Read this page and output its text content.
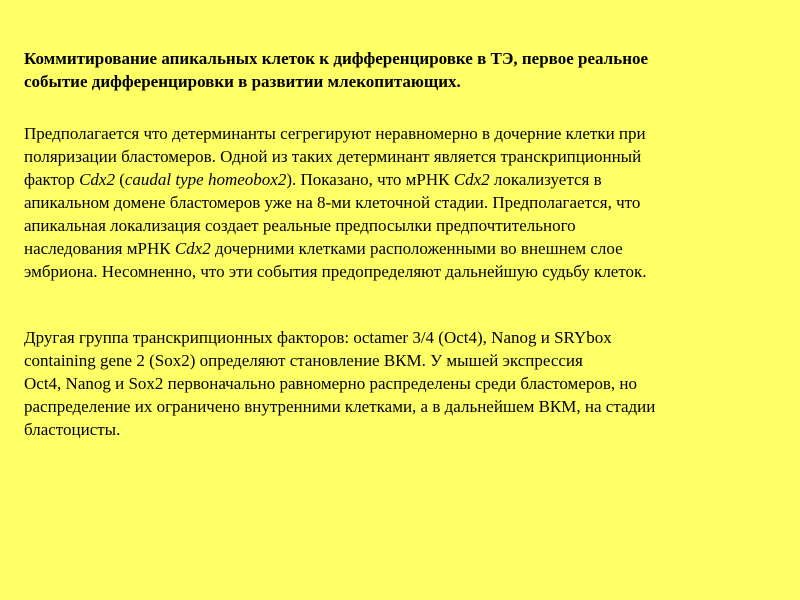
Коммитирование апикальных клеток к дифференцировке в ТЭ, первое реальное
событие дифференцировки в развитии млекопитающих.
Предполагается что детерминанты сегрегируют неравномерно в дочерние клетки при
поляризации бластомеров. Одной из таких детерминант является транскрипционный
фактор Cdx2 (caudal type homeobox2). Показано, что мРНК Cdx2 локализуется в
апикальном домене бластомеров уже на 8-ми клеточной стадии. Предполагается, что
апикальная локализация создает реальные предпосылки предпочтительного
наследования мРНК Cdx2 дочерними клетками расположенными во внешнем слое
эмбриона. Несомненно, что эти события предопределяют дальнейшую судьбу клеток.
Другая группа транскрипционных факторов: octamer 3/4 (Oct4), Nanog и SRYbox
containing gene 2 (Sox2) определяют становление ВКМ. У мышей экспрессия
Oct4, Nanog и Sox2 первоначально равномерно распределены среди бластомеров, но
распределение их ограничено внутренними клетками, а в дальнейшем ВКМ, на стадии
бластоцисты.
